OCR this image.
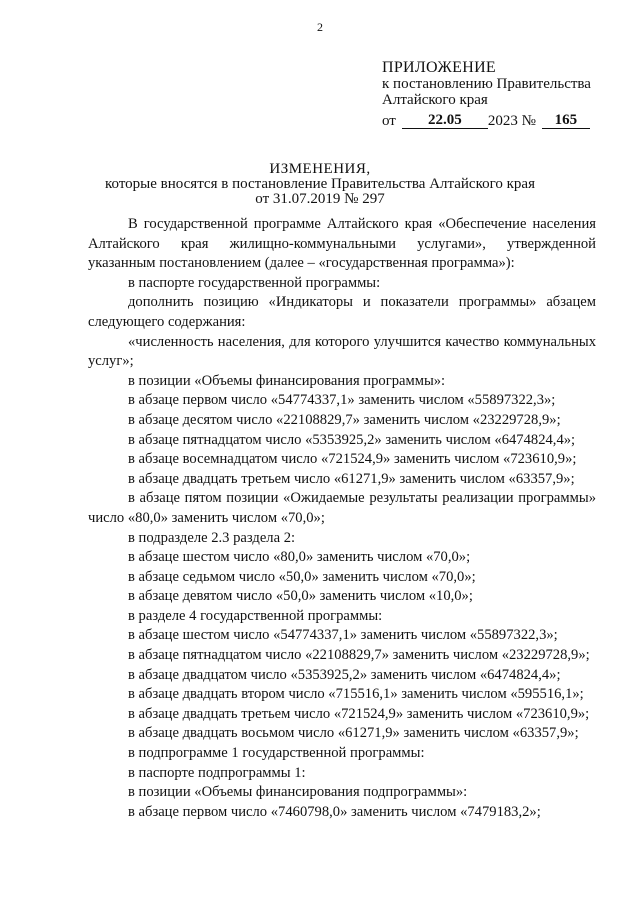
2
ПРИЛОЖЕНИЕ
к постановлению Правительства
Алтайского края
от	22.05	2023 №	165
ИЗМЕНЕНИЯ,
которые вносятся в постановление Правительства Алтайского края
от 31.07.2019 № 297

В государственной программе Алтайского края «Обеспечение населения Алтайского края жилищно-коммунальными услугами», утвержденной указанным постановлением (далее – «государственная программа»):

в паспорте государственной программы:

дополнить позицию «Индикаторы и показатели программы» абзацем следующего содержания:

«численность населения, для которого улучшится качество коммунальных услуг»;

в позиции «Объемы финансирования программы»:

в абзаце первом число «54774337,1» заменить числом «55897322,3»;

в абзаце десятом число «22108829,7» заменить числом «23229728,9»;

в абзаце пятнадцатом число «5353925,2» заменить числом «6474824,4»;

в абзаце восемнадцатом число «721524,9» заменить числом «723610,9»;

в абзаце двадцать третьем число «61271,9» заменить числом «63357,9»;

в абзаце пятом позиции «Ожидаемые результаты реализации программы» число «80,0» заменить числом «70,0»;

в подразделе 2.3 раздела 2:

в абзаце шестом число «80,0» заменить числом «70,0»;

в абзаце седьмом число «50,0» заменить числом «70,0»;

в абзаце девятом число «50,0» заменить числом «10,0»;

в разделе 4 государственной программы:

в абзаце шестом число «54774337,1» заменить числом «55897322,3»;

в абзаце пятнадцатом число «22108829,7» заменить числом «23229728,9»;

в абзаце двадцатом число «5353925,2» заменить числом «6474824,4»;

в абзаце двадцать втором число «715516,1» заменить числом «595516,1»;

в абзаце двадцать третьем число «721524,9» заменить числом «723610,9»;

в абзаце двадцать восьмом число «61271,9» заменить числом «63357,9»;

в подпрограмме 1 государственной программы:

в паспорте подпрограммы 1:

в позиции «Объемы финансирования подпрограммы»:

в абзаце первом число «7460798,0» заменить числом «7479183,2»;
